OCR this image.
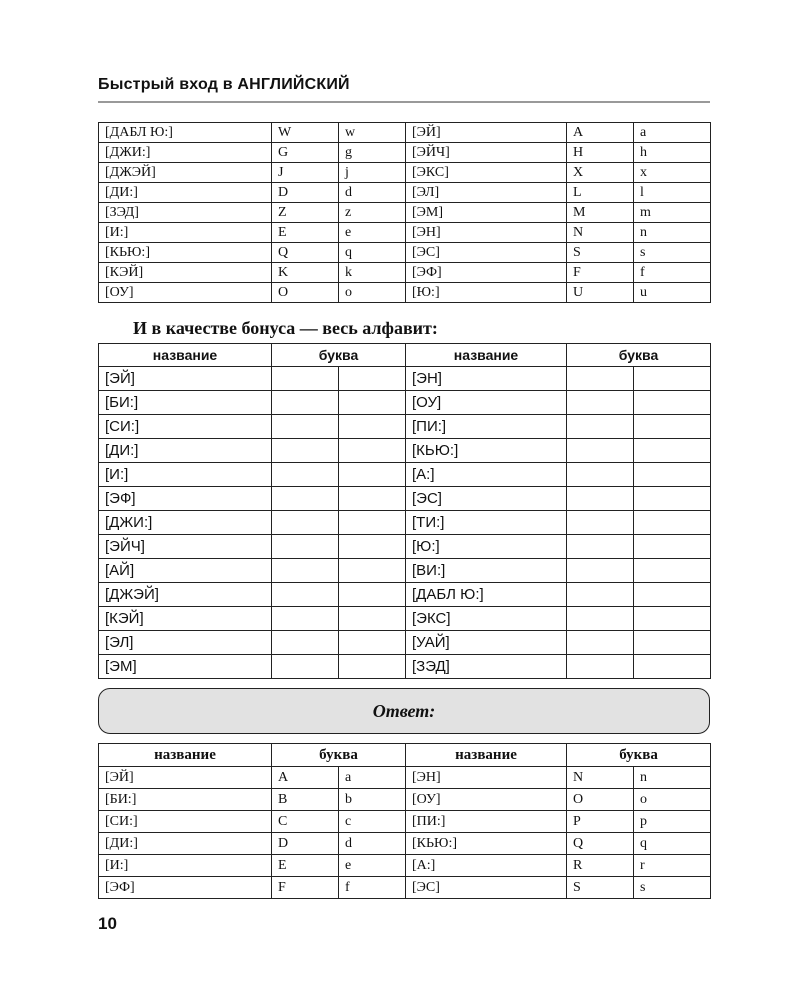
Быстрый вход в АНГЛИЙСКИЙ
[ДАБЛ Ю:]	W	w	[ЭЙ]	A	a
[ДЖИ:]	G	g	[ЭЙЧ]	H	h
[ДЖЭЙ]	J	j	[ЭКС]	X	x
[ДИ:]	D	d	[ЭЛ]	L	l
[ЗЭД]	Z	z	[ЭМ]	M	m
[И:]	E	e	[ЭН]	N	n
[КЬЮ:]	Q	q	[ЭС]	S	s
[КЭЙ]	K	k	[ЭФ]	F	f
[ОУ]	O	o	[Ю:]	U	u
И в качестве бонуса — весь алфавит:
название	буква		название	буква	
[ЭЙ]			[ЭН]		
[БИ:]			[ОУ]		
[СИ:]			[ПИ:]		
[ДИ:]			[КЬЮ:]		
[И:]			[А:]		
[ЭФ]			[ЭС]		
[ДЖИ:]			[ТИ:]		
[ЭЙЧ]			[Ю:]		
[АЙ]			[ВИ:]		
[ДЖЭЙ]			[ДАБЛ Ю:]		
[КЭЙ]			[ЭКС]		
[ЭЛ]			[УАЙ]		
[ЭМ]			[ЗЭД]		
Ответ:
название	буква		название	буква	
[ЭЙ]	A	a	[ЭН]	N	n
[БИ:]	B	b	[ОУ]	O	o
[СИ:]	C	c	[ПИ:]	P	p
[ДИ:]	D	d	[КЬЮ:]	Q	q
[И:]	E	e	[А:]	R	r
[ЭФ]	F	f	[ЭС]	S	s
10
